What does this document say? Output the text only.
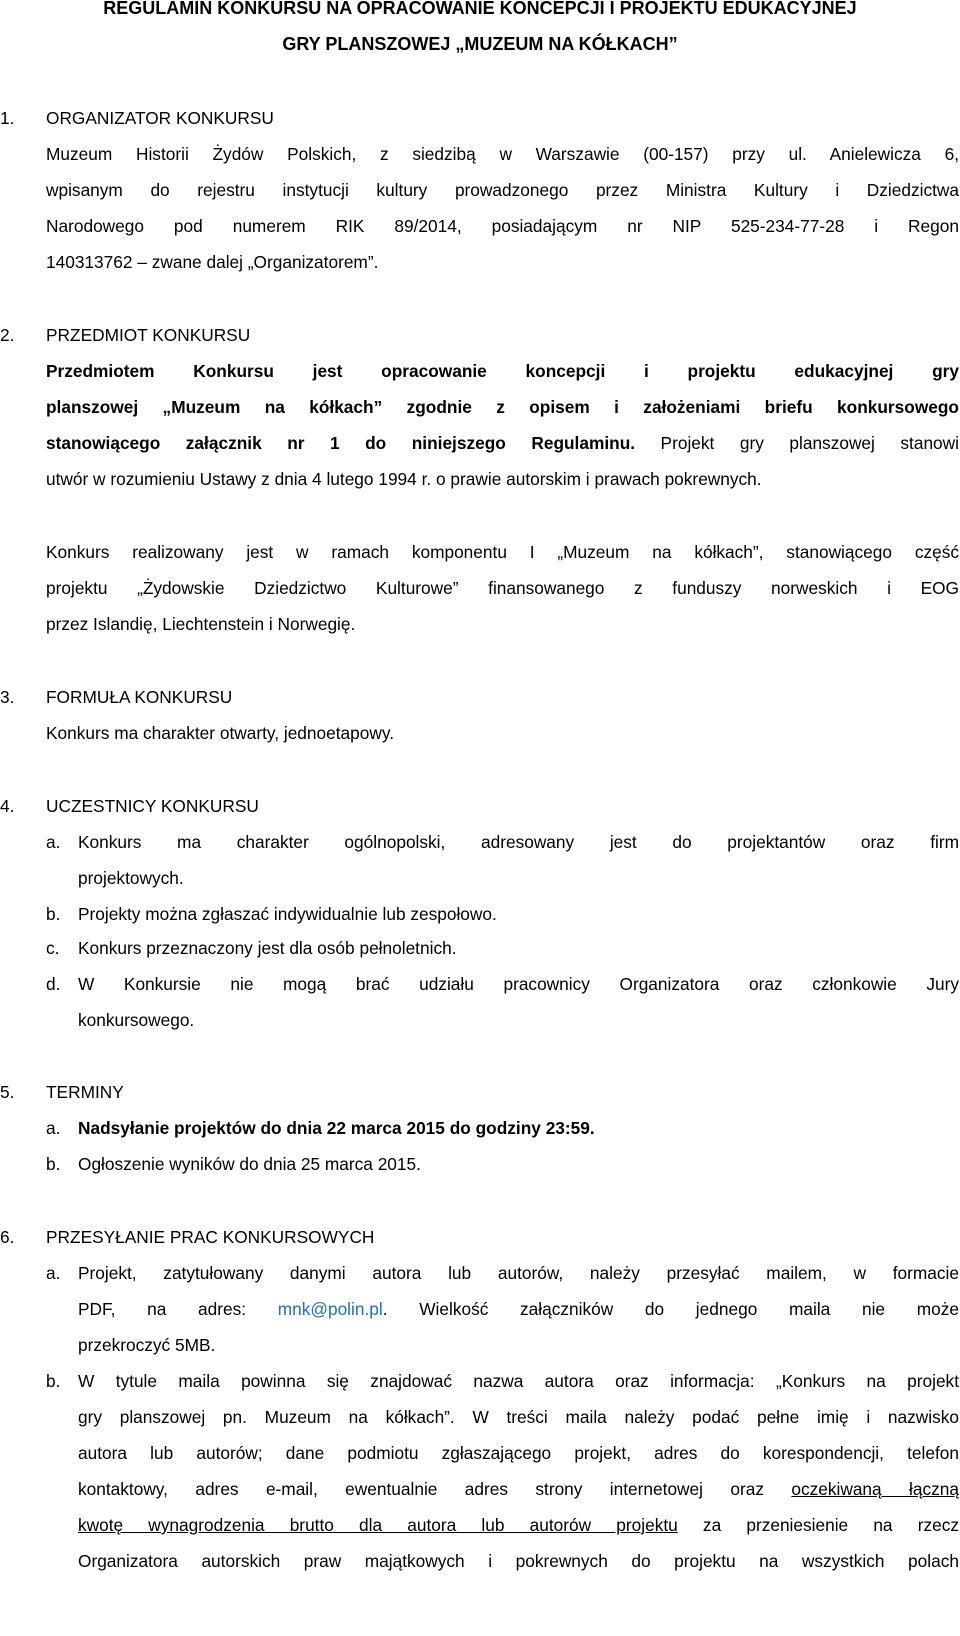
REGULAMIN KONKURSU NA OPRACOWANIE KONCEPCJI I PROJEKTU EDUKACYJNEJ
GRY PLANSZOWEJ „MUZEUM NA KÓŁKACH”
1. ORGANIZATOR KONKURSU
Muzeum Historii Żydów Polskich, z siedzibą w Warszawie (00-157) przy ul. Anielewicza 6,
wpisanym do rejestru instytucji kultury prowadzonego przez Ministra Kultury i Dziedzictwa
Narodowego pod numerem RIK 89/2014, posiadającym nr NIP 525-234-77-28 i Regon
140313762 – zwane dalej „Organizatorem”.
2. PRZEDMIOT KONKURSU
Przedmiotem Konkursu jest opracowanie koncepcji i projektu edukacyjnej gry
planszowej „Muzeum na kółkach” zgodnie z opisem i założeniami briefu konkursowego
stanowiącego załącznik nr 1 do niniejszego Regulaminu. Projekt gry planszowej stanowi
utwór w rozumieniu Ustawy z dnia 4 lutego 1994 r. o prawie autorskim i prawach pokrewnych.
Konkurs realizowany jest w ramach komponentu I „Muzeum na kółkach”, stanowiącego część
projektu „Żydowskie Dziedzictwo Kulturowe” finansowanego z funduszy norweskich i EOG
przez Islandię, Liechtenstein i Norwegię.
3. FORMUŁA KONKURSU
Konkurs ma charakter otwarty, jednoetapowy.
4. UCZESTNICY KONKURSU
a. Konkurs ma charakter ogólnopolski, adresowany jest do projektantów oraz firm
projektowych.
b. Projekty można zgłaszać indywidualnie lub zespołowo.
c. Konkurs przeznaczony jest dla osób pełnoletnich.
d. W Konkursie nie mogą brać udziału pracownicy Organizatora oraz członkowie Jury
konkursowego.
5. TERMINY
a. Nadsyłanie projektów do dnia 22 marca 2015 do godziny 23:59.
b. Ogłoszenie wyników do dnia 25 marca 2015.
6. PRZESYŁANIE PRAC KONKURSOWYCH
a. Projekt, zatytułowany danymi autora lub autorów, należy przesyłać mailem, w formacie
PDF, na adres: mnk@polin.pl. Wielkość załączników do jednego maila nie może
przekroczyć 5MB.
b. W tytule maila powinna się znajdować nazwa autora oraz informacja: „Konkurs na projekt
gry planszowej pn. Muzeum na kółkach”. W treści maila należy podać pełne imię i nazwisko
autora lub autorów; dane podmiotu zgłaszającego projekt, adres do korespondencji, telefon
kontaktowy, adres e-mail, ewentualnie adres strony internetowej oraz oczekiwaną łączną
kwotę wynagrodzenia brutto dla autora lub autorów projektu za przeniesienie na rzecz
Organizatora autorskich praw majątkowych i pokrewnych do projektu na wszystkich polach
